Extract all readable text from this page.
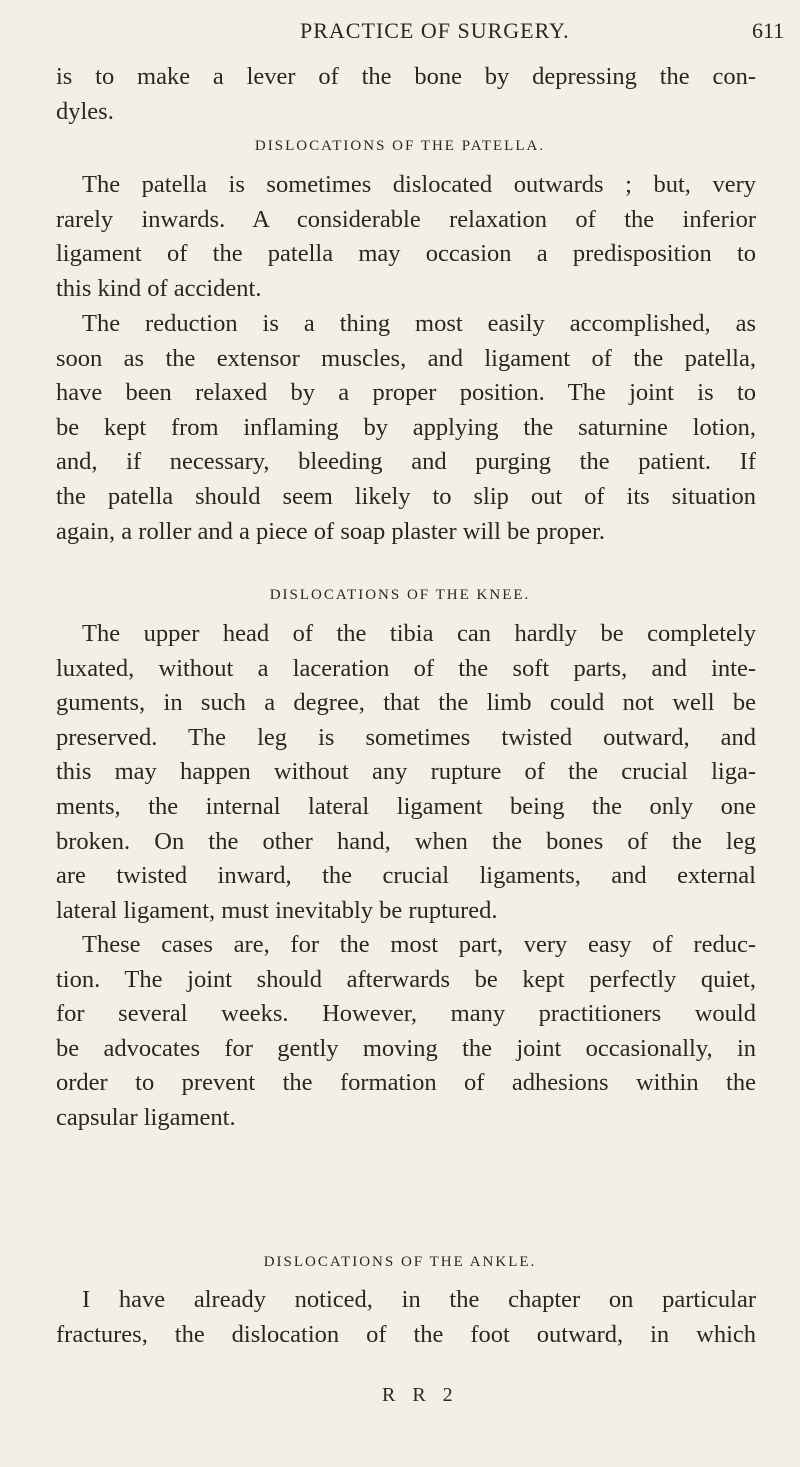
PRACTICE OF SURGERY.	611
is to make a lever of the bone by depressing the con-
dyles.
DISLOCATIONS OF THE PATELLA.
The patella is sometimes dislocated outwards ; but, very
rarely inwards. A considerable relaxation of the inferior
ligament of the patella may occasion a predisposition to
this kind of accident.
The reduction is a thing most easily accomplished, as
soon as the extensor muscles, and ligament of the patella,
have been relaxed by a proper position. The joint is to
be kept from inflaming by applying the saturnine lotion,
and, if necessary, bleeding and purging the patient. If
the patella should seem likely to slip out of its situation
again, a roller and a piece of soap plaster will be proper.
DISLOCATIONS OF THE KNEE.
The upper head of the tibia can hardly be completely
luxated, without a laceration of the soft parts, and inte-
guments, in such a degree, that the limb could not well be
preserved. The leg is sometimes twisted outward, and
this may happen without any rupture of the crucial liga-
ments, the internal lateral ligament being the only one
broken. On the other hand, when the bones of the leg
are twisted inward, the crucial ligaments, and external
lateral ligament, must inevitably be ruptured.
These cases are, for the most part, very easy of reduc-
tion. The joint should afterwards be kept perfectly quiet,
for several weeks. However, many practitioners would
be advocates for gently moving the joint occasionally, in
order to prevent the formation of adhesions within the
capsular ligament.
DISLOCATIONS OF THE ANKLE.
I have already noticed, in the chapter on particular
fractures, the dislocation of the foot outward, in which
R R 2
